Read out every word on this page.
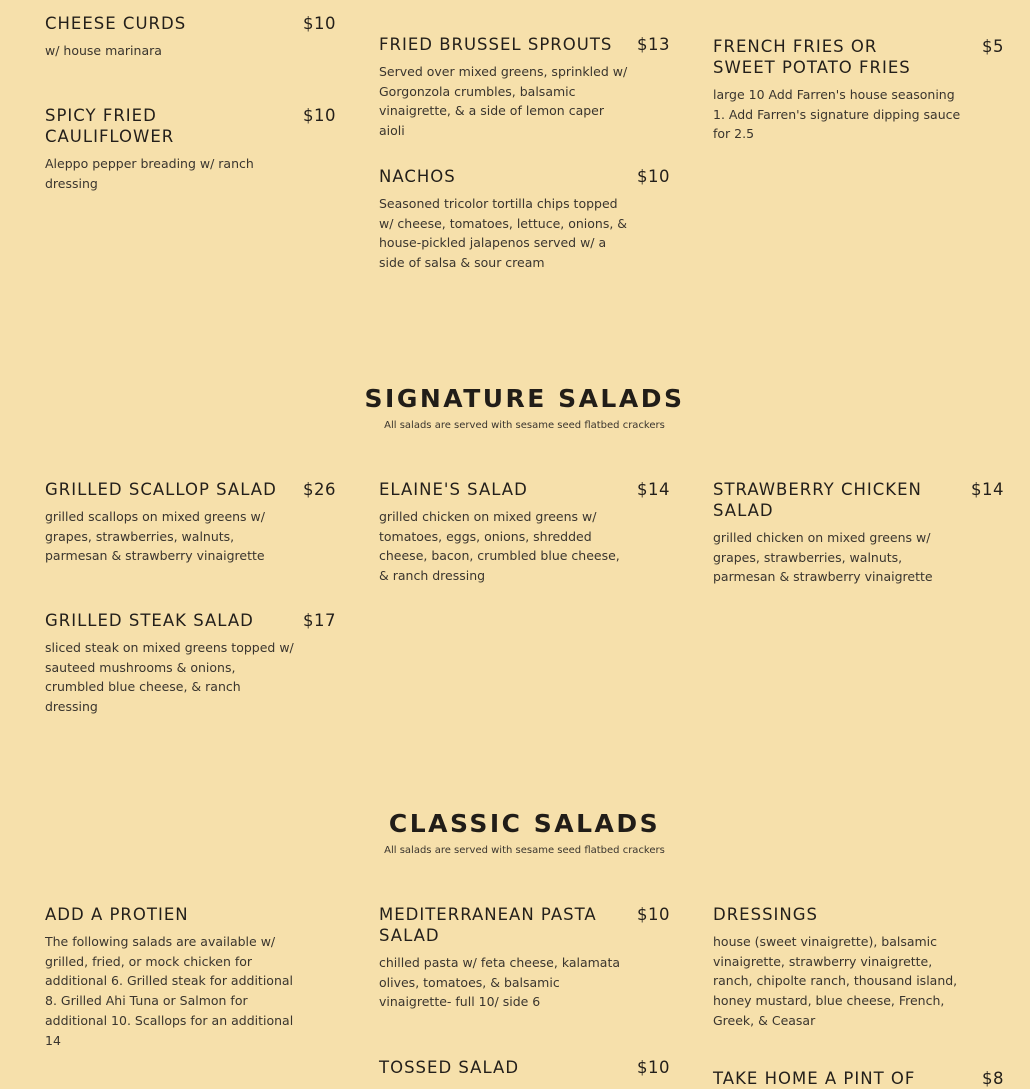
CHEESE CURDS	$10
w/ house marinara
SPICY FRIED CAULIFLOWER
$10
Aleppo pepper breading w/ ranch dressing
FRIED BRUSSEL SPROUTS $13
Served over mixed greens, sprinkled w/ Gorgonzola crumbles, balsamic vinaigrette, & a side of lemon caper aioli
NACHOS	$10
Seasoned tricolor tortilla chips topped w/ cheese, tomatoes, lettuce, onions, & house-pickled jalapenos served w/ a side of salsa & sour cream
FRENCH FRIES OR SWEET POTATO FRIES
$5
large 10 Add Farren's house seasoning 1. Add Farren's signature dipping sauce for 2.5
SIGNATURE SALADS
All salads are served with sesame seed flatbed crackers
GRILLED SCALLOP SALAD $26
grilled scallops on mixed greens w/ grapes, strawberries, walnuts, parmesan & strawberry vinaigrette
GRILLED STEAK SALAD	$17
sliced steak on mixed greens topped w/ sauteed mushrooms & onions, crumbled blue cheese, & ranch dressing
ELAINE'S SALAD	$14
grilled chicken on mixed greens w/ tomatoes, eggs, onions, shredded cheese, bacon, crumbled blue cheese, & ranch dressing
STRAWBERRY CHICKEN SALAD
$14
grilled chicken on mixed greens w/ grapes, strawberries, walnuts, parmesan & strawberry vinaigrette
CLASSIC SALADS
All salads are served with sesame seed flatbed crackers
ADD A PROTIEN
The following salads are available w/ grilled, fried, or mock chicken for additional 6. Grilled steak for additional 8. Grilled Ahi Tuna or Salmon for additional 10. Scallops for an additional 14
MEDITERRANEAN PASTA SALAD
$10
chilled pasta w/ feta cheese, kalamata olives, tomatoes, & balsamic vinaigrette- full 10/ side 6
TOSSED SALAD	$10
DRESSINGS
house (sweet vinaigrette), balsamic vinaigrette, strawberry vinaigrette, ranch, chipolte ranch, thousand island, honey mustard, blue cheese, French, Greek, & Ceasar
TAKE HOME A PINT OF	$8
